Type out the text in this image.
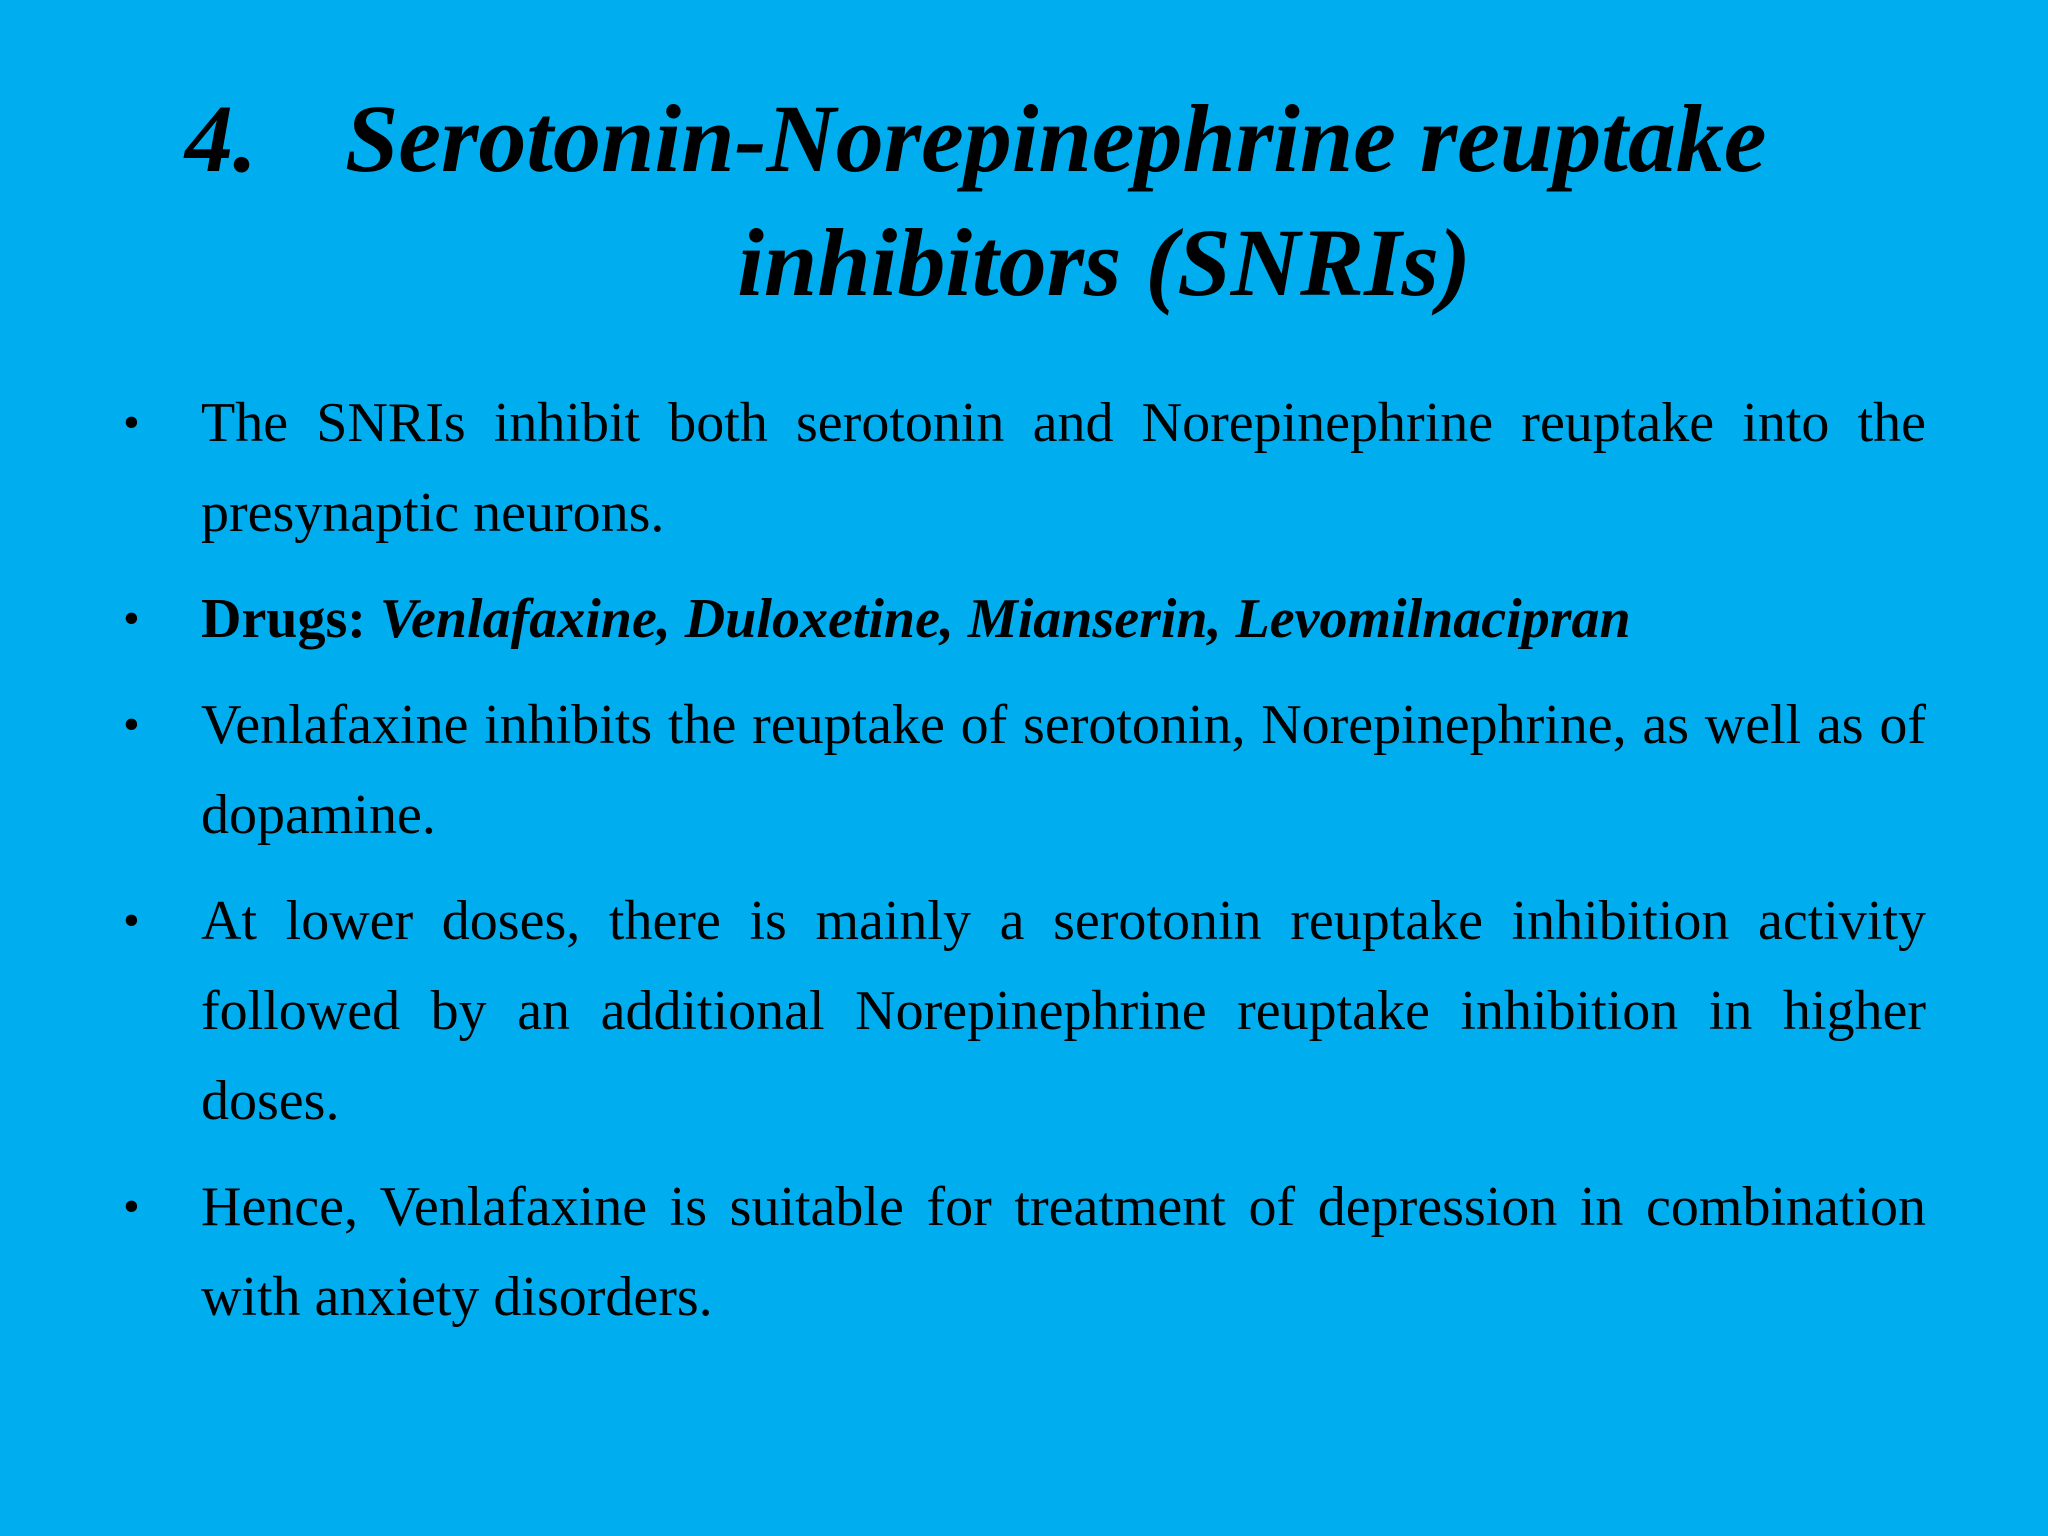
4. Serotonin-Norepinephrine reuptake
inhibitors (SNRIs)
• The SNRIs inhibit both serotonin and Norepinephrine reuptake into the presynaptic neurons.
• Drugs: Venlafaxine, Duloxetine, Mianserin, Levomilnacipran
• Venlafaxine inhibits the reuptake of serotonin, Norepinephrine, as well as of dopamine.
• At lower doses, there is mainly a serotonin reuptake inhibition activity followed by an additional Norepinephrine reuptake inhibition in higher doses.
• Hence, Venlafaxine is suitable for treatment of depression in combination with anxiety disorders.
